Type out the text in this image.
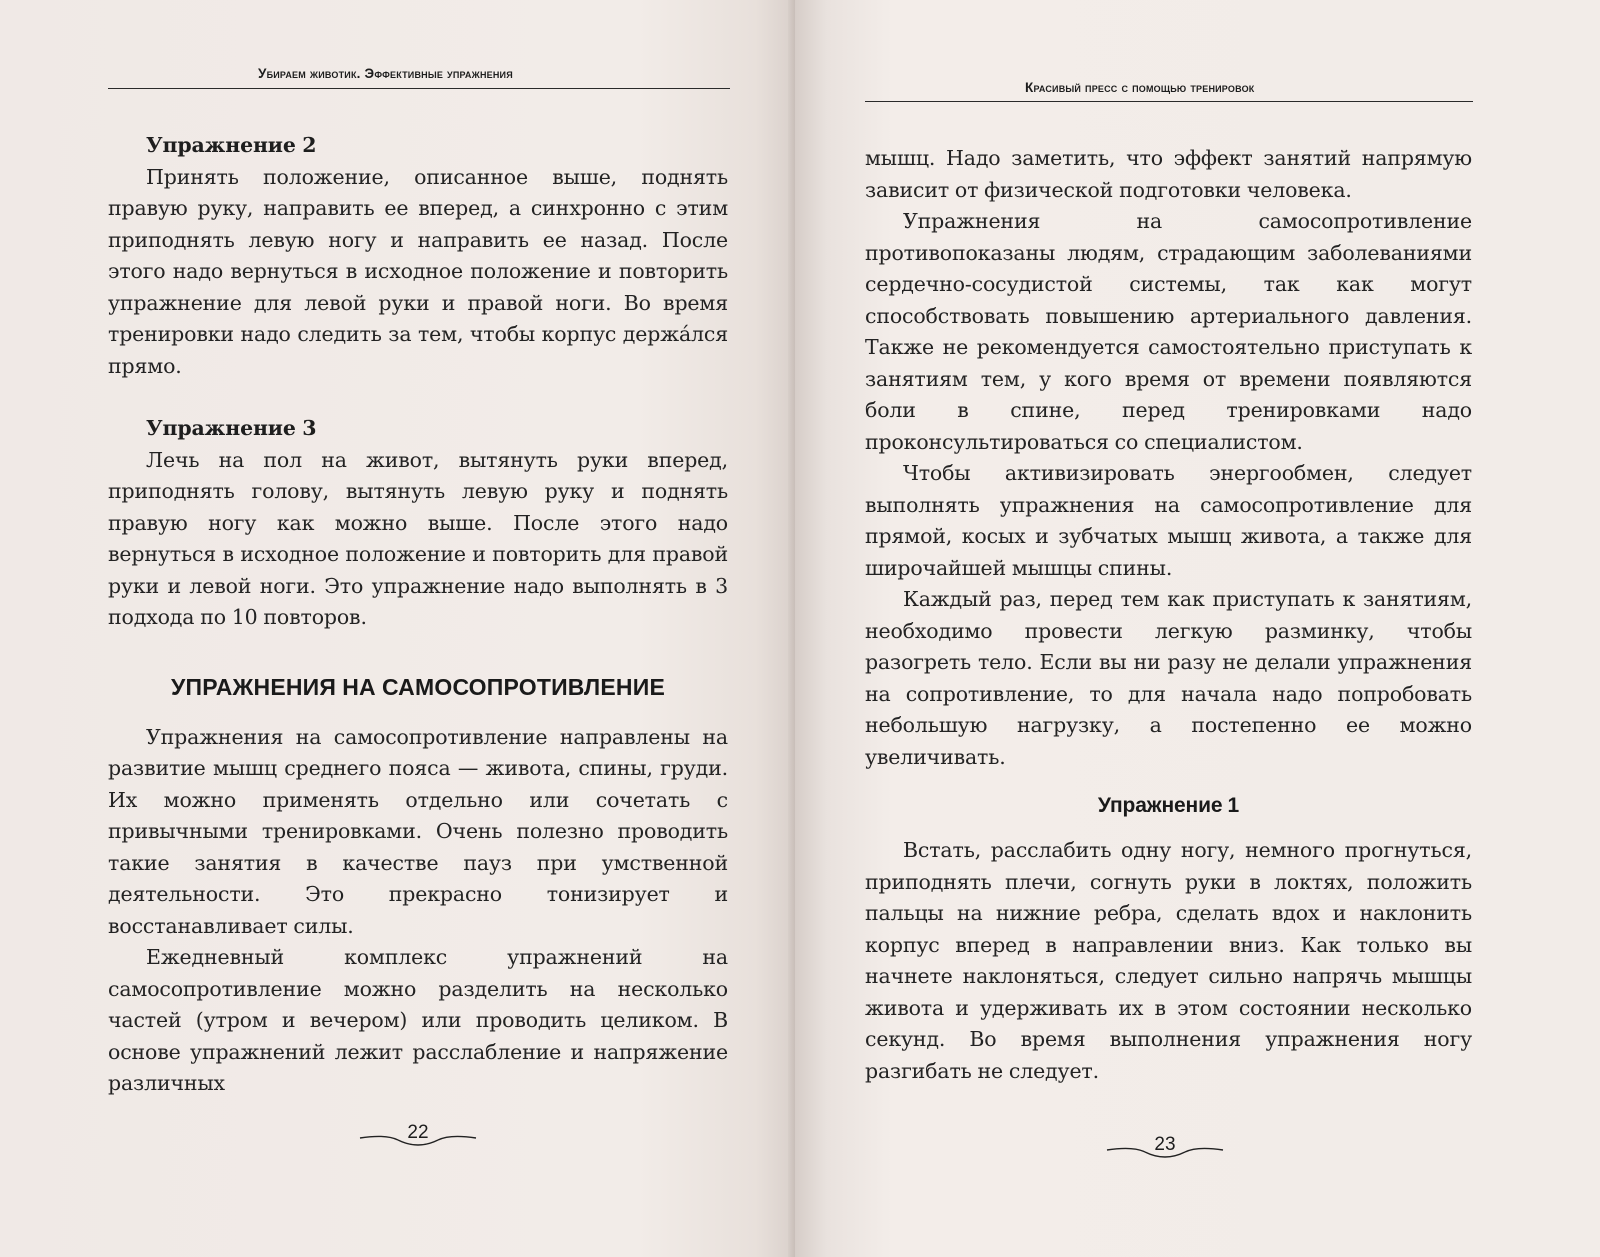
Убираем животик. Эффективные упражнения
Упражнение 2

Принять положение, описанное выше, поднять правую руку, направить ее вперед, а синхронно с этим приподнять левую ногу и направить ее назад. После этого надо вернуться в исходное положение и повторить упражнение для левой руки и правой ноги. Во время тренировки надо следить за тем, чтобы корпус держа́лся прямо.

Упражнение 3

Лечь на пол на живот, вытянуть руки вперед, приподнять голову, вытянуть левую руку и поднять правую ногу как можно выше. После этого надо вернуться в исходное положение и повторить для правой руки и левой ноги. Это упражнение надо выполнять в 3 подхода по 10 повторов.

УПРАЖНЕНИЯ НА САМОСОПРОТИВЛЕНИЕ

Упражнения на самосопротивление направлены на развитие мышц среднего пояса — живота, спины, груди. Их можно применять отдельно или сочетать с привычными тренировками. Очень полезно проводить такие занятия в качестве пауз при умственной деятельности. Это прекрасно тонизирует и восстанавливает силы.

Ежедневный комплекс упражнений на самосопротивление можно разделить на несколько частей (утром и вечером) или проводить целиком. В основе упражнений лежит расслабление и напряжение различных

22
Красивый пресс с помощью тренировок

мышц. Надо заметить, что эффект занятий напрямую зависит от физической подготовки человека.

Упражнения на самосопротивление противопоказаны людям, страдающим заболеваниями сердечно-сосудистой системы, так как могут способствовать повышению артериального давления. Также не рекомендуется самостоятельно приступать к занятиям тем, у кого время от времени появляются боли в спине, перед тренировками надо проконсультироваться со специалистом.

Чтобы активизировать энергообмен, следует выполнять упражнения на самосопротивление для прямой, косых и зубчатых мышц живота, а также для широчайшей мышцы спины.

Каждый раз, перед тем как приступать к занятиям, необходимо провести легкую разминку, чтобы разогреть тело. Если вы ни разу не делали упражнения на сопротивление, то для начала надо попробовать небольшую нагрузку, а постепенно ее можно увеличивать.

Упражнение 1

Встать, расслабить одну ногу, немного прогнуться, приподнять плечи, согнуть руки в локтях, положить пальцы на нижние ребра, сделать вдох и наклонить корпус вперед в направлении вниз. Как только вы начнете наклоняться, следует сильно напрячь мышцы живота и удерживать их в этом состоянии несколько секунд. Во время выполнения упражнения ногу разгибать не следует.

23
